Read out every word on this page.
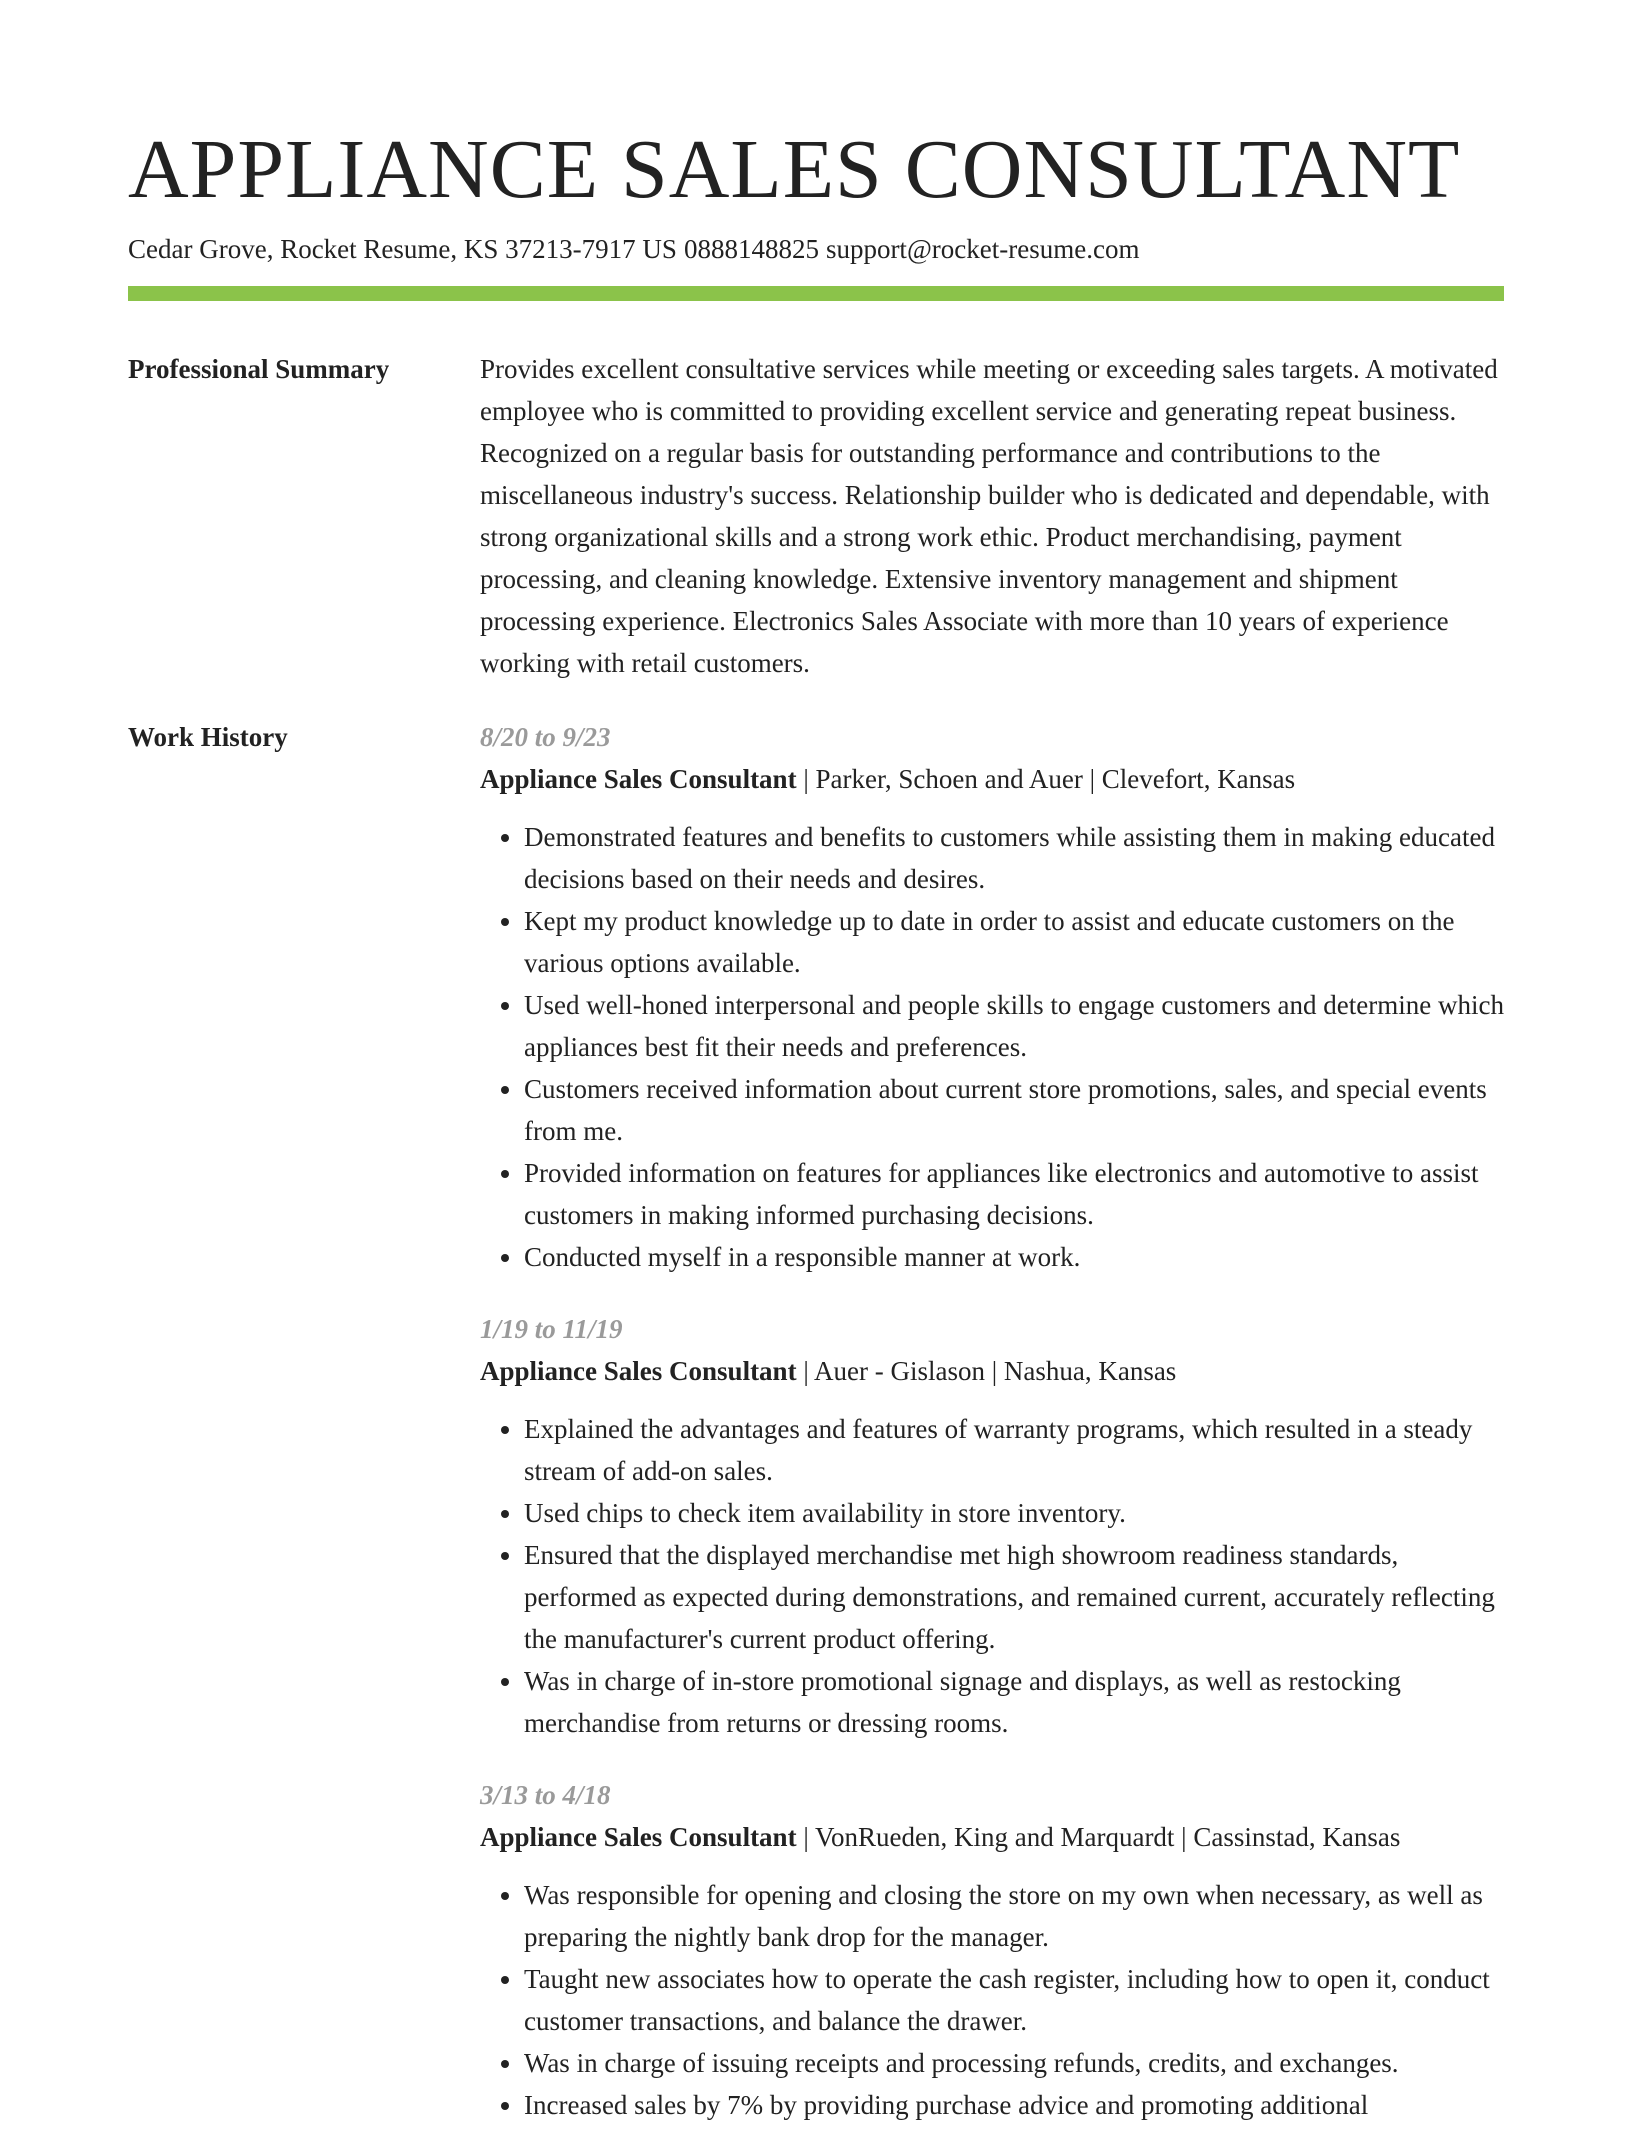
APPLIANCE SALES CONSULTANT
Cedar Grove, Rocket Resume, KS 37213-7917 US 0888148825 support@rocket-resume.com
Professional Summary	Provides excellent consultative services while meeting or exceeding sales targets. A motivated employee who is committed to providing excellent service and generating repeat business. Recognized on a regular basis for outstanding performance and contributions to the miscellaneous industry's success. Relationship builder who is dedicated and dependable, with strong organizational skills and a strong work ethic. Product merchandising, payment processing, and cleaning knowledge. Extensive inventory management and shipment processing experience. Electronics Sales Associate with more than 10 years of experience working with retail customers.

Work History	8/20 to 9/23
Appliance Sales Consultant | Parker, Schoen and Auer | Clevefort, Kansas
• Demonstrated features and benefits to customers while assisting them in making educated decisions based on their needs and desires.
• Kept my product knowledge up to date in order to assist and educate customers on the various options available.
• Used well-honed interpersonal and people skills to engage customers and determine which appliances best fit their needs and preferences.
• Customers received information about current store promotions, sales, and special events from me.
• Provided information on features for appliances like electronics and automotive to assist customers in making informed purchasing decisions.
• Conducted myself in a responsible manner at work.
1/19 to 11/19
Appliance Sales Consultant | Auer - Gislason | Nashua, Kansas
• Explained the advantages and features of warranty programs, which resulted in a steady stream of add-on sales.
• Used chips to check item availability in store inventory.
• Ensured that the displayed merchandise met high showroom readiness standards, performed as expected during demonstrations, and remained current, accurately reflecting the manufacturer's current product offering.
• Was in charge of in-store promotional signage and displays, as well as restocking merchandise from returns or dressing rooms.
3/13 to 4/18
Appliance Sales Consultant | VonRueden, King and Marquardt | Cassinstad, Kansas
• Was responsible for opening and closing the store on my own when necessary, as well as preparing the nightly bank drop for the manager.
• Taught new associates how to operate the cash register, including how to open it, conduct customer transactions, and balance the drawer.
• Was in charge of issuing receipts and processing refunds, credits, and exchanges.
• Increased sales by 7% by providing purchase advice and promoting additional
